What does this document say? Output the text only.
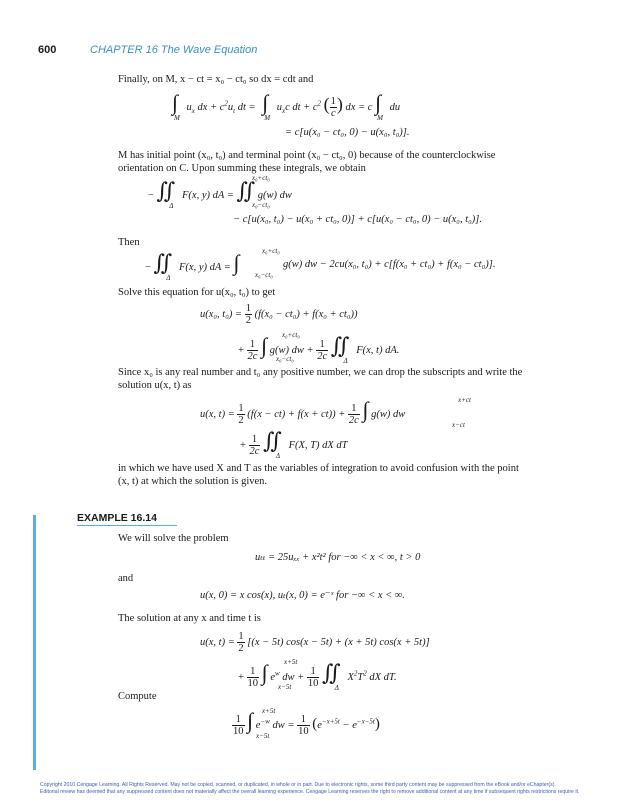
600	CHAPTER 16 The Wave Equation
Finally, on M, x − ct = x₀ − ct₀ so dx = cdt and
$\int_M$ $u_x$ dx + $c^2u_t$ dt = $\int_M$ $u_xc$ dt + $c^2$ ( $\frac{1}{c}$ ) dx = c $\int_M$ du
= c[u(x₀ − ct₀, 0) − u(x₀, t₀)].
M has initial point (x₀, t₀) and terminal point (x₀ − ct₀, 0) because of the counterclockwise
orientation on C. Upon summing these integrals, we obtain
− $∬_\Delta$ F(x, y) dA = ∬ g(w) dw
x₀+ct₀
x₀−ct₀
− c[u(x₀, t₀) − u(x₀ + ct₀, 0)] + c[u(x₀ − ct₀, 0) − u(x₀, t₀)].
Then
− $∬_\Delta$ F(x, y) dA = ∫	x₀+ct₀
x₀−ct₀
g(w) dw − 2cu(x₀, t₀) + c[f(x₀ + ct₀) + f(x₀ − ct₀)].
Solve this equation for u(x₀, t₀) to get
u(x₀, $t_0) = \frac{1}{2} (f(x_0 - ct_0) + f(x_0 + ct_0))$
+ $\frac{1}{2c}$ ∫ g(w) dw + $\frac{1}{2c}$ $∬_\Delta$ F(x, t) dA.
x₀+ct₀
x₀−ct₀
Since x₀ is any real number and t₀ any positive number, we can drop the subscripts and write the
solution u(x, t) as
u(x, $t) = \frac{1}{2} (f(x - ct) + f(x + ct)) + \frac{1}{2c}$ ∫ g(w) dw
x+ct
x−ct
+ $\frac{1}{2c}$ $∬_\Delta$ F(X, T) dX dT
in which we have used X and T as the variables of integration to avoid confusion with the point
(x, t) at which the solution is given.
EXAMPLE 16.14
We will solve the problem
uₜₜ = 25uₓₓ + x²t² for −∞ < x < ∞, t > 0
and
u(x, 0) = x cos(x), uₜ(x, 0) = e⁻ˣ for −∞ < x < ∞.
The solution at any x and time t is
u(x, $t) = \frac{1}{2} [(x - 5t) \cos(x - 5t) + (x + 5t) \cos(x + 5t)]$
+ $\frac{1}{10}$ ∫ $e^w$ dw + $\frac{1}{10}$ $∬_\Delta$ $X^2T^2$ dX dT.
x+5t
x−5t
Compute
$\frac{1}{10}$ ∫ $e^{-w}$ dw = $\frac{1}{10} (e^{-x+5t} - e^{-x-5t})$
x+5t
x−5t
Copyright 2010 Cengage Learning. All Rights Reserved. May not be copied, scanned, or duplicated, in whole or in part. Due to electronic rights, some third party content may be suppressed from the eBook and/or eChapter(s).
Editorial review has deemed that any suppressed content does not materially affect the overall learning experience. Cengage Learning reserves the right to remove additional content at any time if subsequent rights restrictions require it.
